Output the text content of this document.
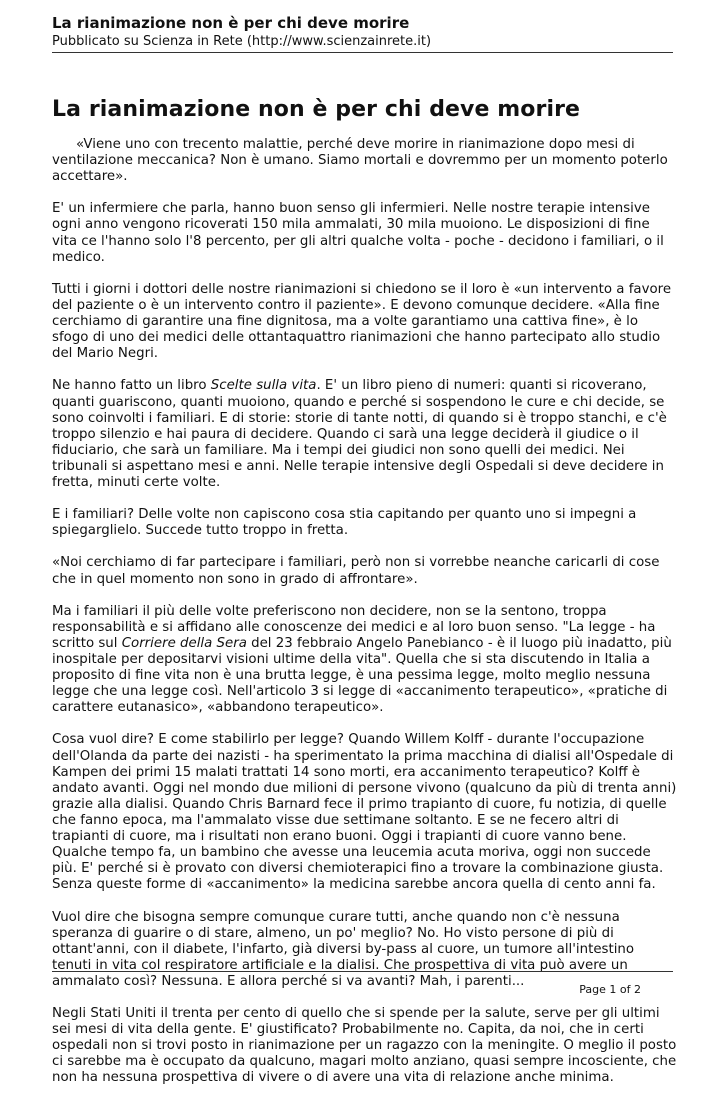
La rianimazione non è per chi deve morire
Pubblicato su Scienza in Rete (http://www.scienzainrete.it)
La rianimazione non è per chi deve morire

«Viene uno con trecento malattie, perché deve morire in rianimazione dopo mesi di ventilazione meccanica? Non è umano. Siamo mortali e dovremmo per un momento poterlo accettare».

E' un infermiere che parla, hanno buon senso gli infermieri. Nelle nostre terapie intensive ogni anno vengono ricoverati 150 mila ammalati, 30 mila muoiono. Le disposizioni di fine vita ce l'hanno solo l'8 percento, per gli altri qualche volta - poche - decidono i familiari, o il medico.

Tutti i giorni i dottori delle nostre rianimazioni si chiedono se il loro è «un intervento a favore del paziente o è un intervento contro il paziente». E devono comunque decidere. «Alla fine cerchiamo di garantire una fine dignitosa, ma a volte garantiamo una cattiva fine», è lo sfogo di uno dei medici delle ottantaquattro rianimazioni che hanno partecipato allo studio del Mario Negri.

Ne hanno fatto un libro Scelte sulla vita. E' un libro pieno di numeri: quanti si ricoverano, quanti guariscono, quanti muoiono, quando e perché si sospendono le cure e chi decide, se sono coinvolti i familiari. E di storie: storie di tante notti, di quando si è troppo stanchi, e c'è troppo silenzio e hai paura di decidere. Quando ci sarà una legge deciderà il giudice o il fiduciario, che sarà un familiare. Ma i tempi dei giudici non sono quelli dei medici. Nei tribunali si aspettano mesi e anni. Nelle terapie intensive degli Ospedali si deve decidere in fretta, minuti certe volte.

E i familiari? Delle volte non capiscono cosa stia capitando per quanto uno si impegni a spiegarglielo. Succede tutto troppo in fretta.

«Noi cerchiamo di far partecipare i familiari, però non si vorrebbe neanche caricarli di cose che in quel momento non sono in grado di affrontare».

Ma i familiari il più delle volte preferiscono non decidere, non se la sentono, troppa responsabilità e si affidano alle conoscenze dei medici e al loro buon senso. "La legge - ha scritto sul Corriere della Sera del 23 febbraio Angelo Panebianco - è il luogo più inadatto, più inospitale per depositarvi visioni ultime della vita". Quella che si sta discutendo in Italia a proposito di fine vita non è una brutta legge, è una pessima legge, molto meglio nessuna legge che una legge così. Nell'articolo 3 si legge di «accanimento terapeutico», «pratiche di carattere eutanasico», «abbandono terapeutico».

Cosa vuol dire? E come stabilirlo per legge? Quando Willem Kolff - durante l'occupazione dell'Olanda da parte dei nazisti - ha sperimentato la prima macchina di dialisi all'Ospedale di Kampen dei primi 15 malati trattati 14 sono morti, era accanimento terapeutico? Kolff è andato avanti. Oggi nel mondo due milioni di persone vivono (qualcuno da più di trenta anni) grazie alla dialisi. Quando Chris Barnard fece il primo trapianto di cuore, fu notizia, di quelle che fanno epoca, ma l'ammalato visse due settimane soltanto. E se ne fecero altri di trapianti di cuore, ma i risultati non erano buoni. Oggi i trapianti di cuore vanno bene. Qualche tempo fa, un bambino che avesse una leucemia acuta moriva, oggi non succede più. E' perché si è provato con diversi chemioterapici fino a trovare la combinazione giusta. Senza queste forme di «accanimento» la medicina sarebbe ancora quella di cento anni fa.

Vuol dire che bisogna sempre comunque curare tutti, anche quando non c'è nessuna speranza di guarire o di stare, almeno, un po' meglio? No. Ho visto persone di più di ottant'anni, con il diabete, l'infarto, già diversi by-pass al cuore, un tumore all'intestino tenuti in vita col respiratore artificiale e la dialisi. Che prospettiva di vita può avere un ammalato così? Nessuna. E allora perché si va avanti? Mah, i parenti...

Negli Stati Uniti il trenta per cento di quello che si spende per la salute, serve per gli ultimi sei mesi di vita della gente. E' giustificato? Probabilmente no. Capita, da noi, che in certi ospedali non si trovi posto in rianimazione per un ragazzo con la meningite. O meglio il posto ci sarebbe ma è occupato da qualcuno, magari molto anziano, quasi sempre incosciente, che non ha nessuna prospettiva di vivere o di avere una vita di relazione anche minima.

Page 1 of 2
